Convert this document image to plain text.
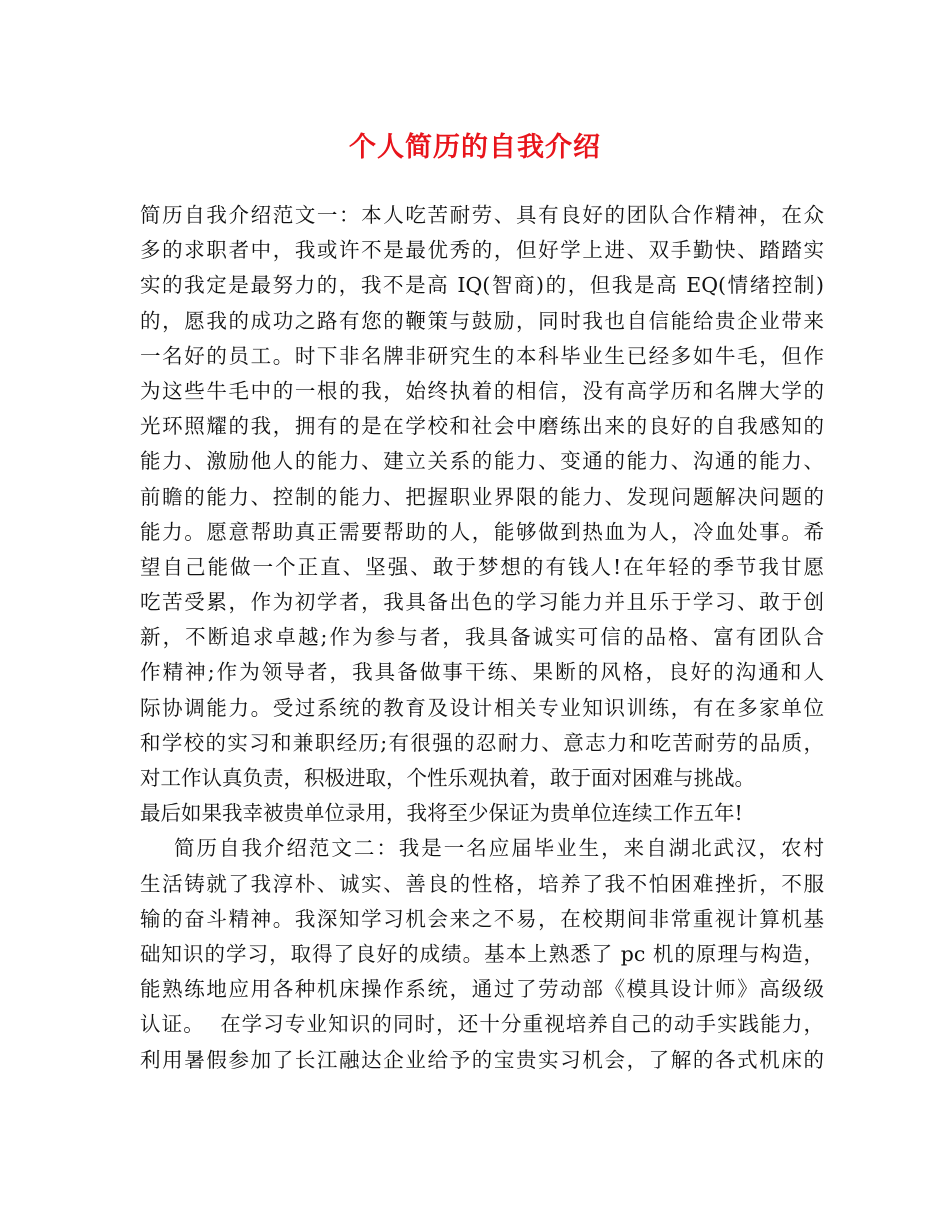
个人简历的自我介绍
简历自我介绍范文一：本人吃苦耐劳、具有良好的团队合作精神，在众
多的求职者中，我或许不是最优秀的，但好学上进、双手勤快、踏踏实
实的我定是最努力的，我不是高 IQ(智商)的，但我是高 EQ(情绪控制)
的，愿我的成功之路有您的鞭策与鼓励，同时我也自信能给贵企业带来
一名好的员工。时下非名牌非研究生的本科毕业生已经多如牛毛，但作
为这些牛毛中的一根的我，始终执着的相信，没有高学历和名牌大学的
光环照耀的我，拥有的是在学校和社会中磨练出来的良好的自我感知的
能力、激励他人的能力、建立关系的能力、变通的能力、沟通的能力、
前瞻的能力、控制的能力、把握职业界限的能力、发现问题解决问题的
能力。愿意帮助真正需要帮助的人，能够做到热血为人，冷血处事。希
望自己能做一个正直、坚强、敢于梦想的有钱人!在年轻的季节我甘愿
吃苦受累，作为初学者，我具备出色的学习能力并且乐于学习、敢于创
新，不断追求卓越;作为参与者，我具备诚实可信的品格、富有团队合
作精神;作为领导者，我具备做事干练、果断的风格，良好的沟通和人
际协调能力。受过系统的教育及设计相关专业知识训练，有在多家单位
和学校的实习和兼职经历;有很强的忍耐力、意志力和吃苦耐劳的品质，
对工作认真负责，积极进取，个性乐观执着，敢于面对困难与挑战。
最后如果我幸被贵单位录用，我将至少保证为贵单位连续工作五年!
简历自我介绍范文二：我是一名应届毕业生，来自湖北武汉，农村
生活铸就了我淳朴、诚实、善良的性格，培养了我不怕困难挫折，不服
输的奋斗精神。我深知学习机会来之不易，在校期间非常重视计算机基
础知识的学习，取得了良好的成绩。基本上熟悉了 pc 机的原理与构造，
能熟练地应用各种机床操作系统，通过了劳动部《模具设计师》高级级
认证。  在学习专业知识的同时，还十分重视培养自己的动手实践能力，
利用暑假参加了长江融达企业给予的宝贵实习机会，了解的各式机床的
